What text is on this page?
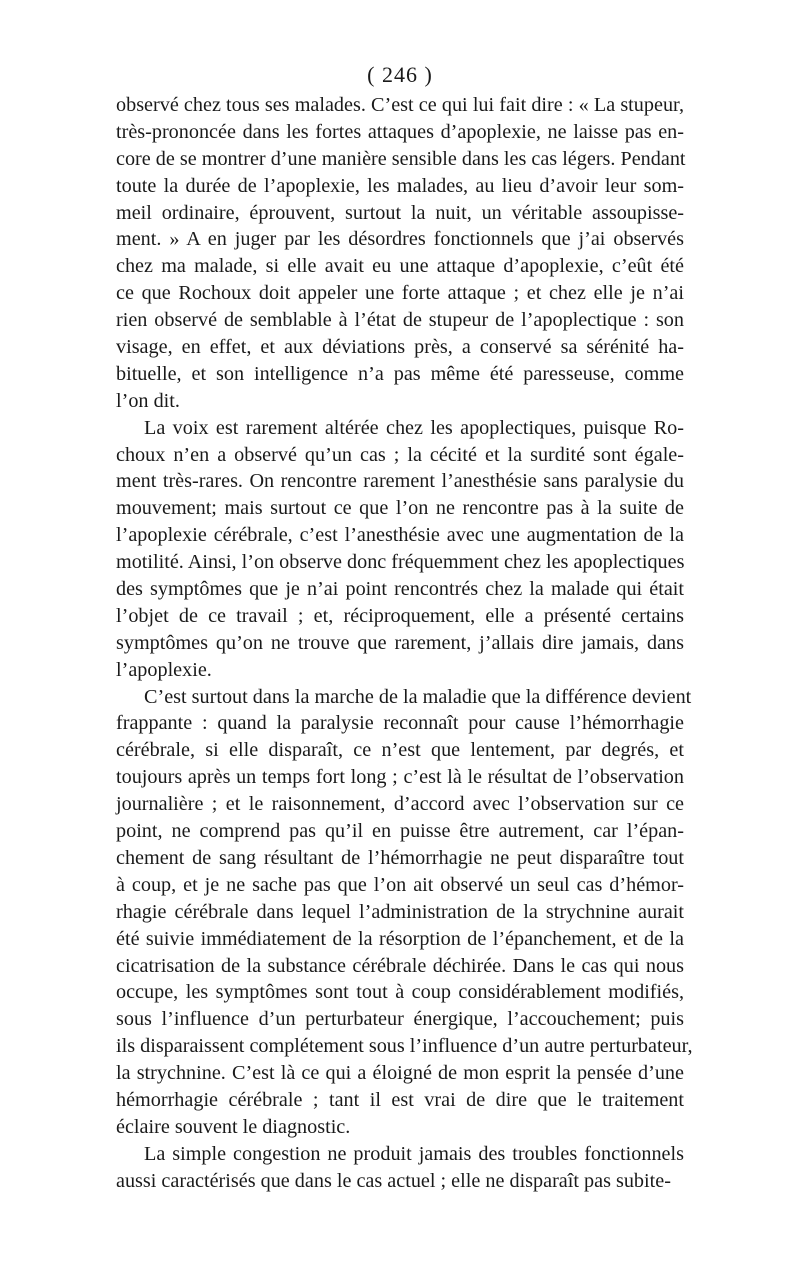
( 246 )
observé chez tous ses malades. C’est ce qui lui fait dire : « La stupeur,
très-prononcée dans les fortes attaques d’apoplexie, ne laisse pas en-
core de se montrer d’une manière sensible dans les cas légers. Pendant
toute la durée de l’apoplexie, les malades, au lieu d’avoir leur som-
meil ordinaire, éprouvent, surtout la nuit, un véritable assoupisse-
ment. » A en juger par les désordres fonctionnels que j’ai observés
chez ma malade, si elle avait eu une attaque d’apoplexie, c’eût été
ce que Rochoux doit appeler une forte attaque ; et chez elle je n’ai
rien observé de semblable à l’état de stupeur de l’apoplectique : son
visage, en effet, et aux déviations près, a conservé sa sérénité ha-
bituelle, et son intelligence n’a pas même été paresseuse, comme
l’on dit.
La voix est rarement altérée chez les apoplectiques, puisque Ro-
choux n’en a observé qu’un cas ; la cécité et la surdité sont égale-
ment très-rares. On rencontre rarement l’anesthésie sans paralysie du
mouvement; mais surtout ce que l’on ne rencontre pas à la suite de
l’apoplexie cérébrale, c’est l’anesthésie avec une augmentation de la
motilité. Ainsi, l’on observe donc fréquemment chez les apoplectiques
des symptômes que je n’ai point rencontrés chez la malade qui était
l’objet de ce travail ; et, réciproquement, elle a présenté certains
symptômes qu’on ne trouve que rarement, j’allais dire jamais, dans
l’apoplexie.
C’est surtout dans la marche de la maladie que la différence devient
frappante : quand la paralysie reconnaît pour cause l’hémorrhagie
cérébrale, si elle disparaît, ce n’est que lentement, par degrés, et
toujours après un temps fort long ; c’est là le résultat de l’observation
journalière ; et le raisonnement, d’accord avec l’observation sur ce
point, ne comprend pas qu’il en puisse être autrement, car l’épan-
chement de sang résultant de l’hémorrhagie ne peut disparaître tout
à coup, et je ne sache pas que l’on ait observé un seul cas d’hémor-
rhagie cérébrale dans lequel l’administration de la strychnine aurait
été suivie immédiatement de la résorption de l’épanchement, et de la
cicatrisation de la substance cérébrale déchirée. Dans le cas qui nous
occupe, les symptômes sont tout à coup considérablement modifiés,
sous l’influence d’un perturbateur énergique, l’accouchement; puis
ils disparaissent complétement sous l’influence d’un autre perturbateur,
la strychnine. C’est là ce qui a éloigné de mon esprit la pensée d’une
hémorrhagie cérébrale ; tant il est vrai de dire que le traitement
éclaire souvent le diagnostic.
La simple congestion ne produit jamais des troubles fonctionnels
aussi caractérisés que dans le cas actuel ; elle ne disparaît pas subite-
